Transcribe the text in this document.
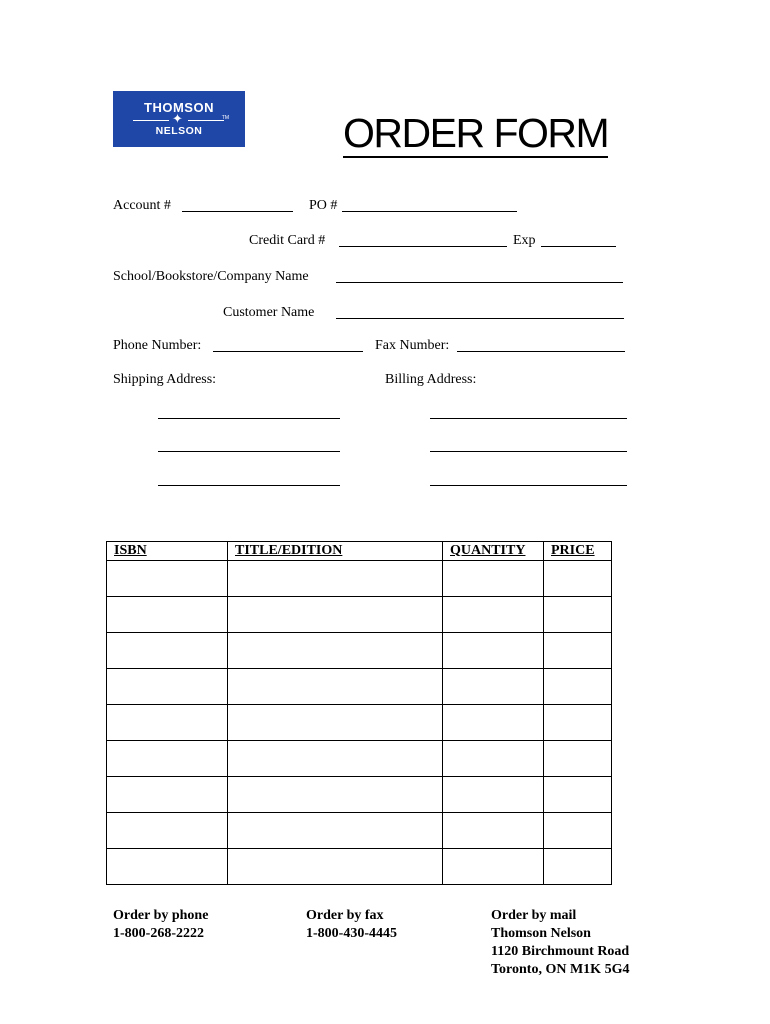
THOMSON
✦	TM
NELSON	ORDER FORM
Account #	PO #
Credit Card #	Exp
School/Bookstore/Company Name
Customer Name
Phone Number:	Fax Number:
Shipping Address:	Billing Address:
ISBN	TITLE/EDITION	QUANTITY	PRICE

Order by phone
1-800-268-2222
Order by fax
1-800-430-4445
Order by mail
Thomson Nelson
1120 Birchmount Road
Toronto, ON M1K 5G4
